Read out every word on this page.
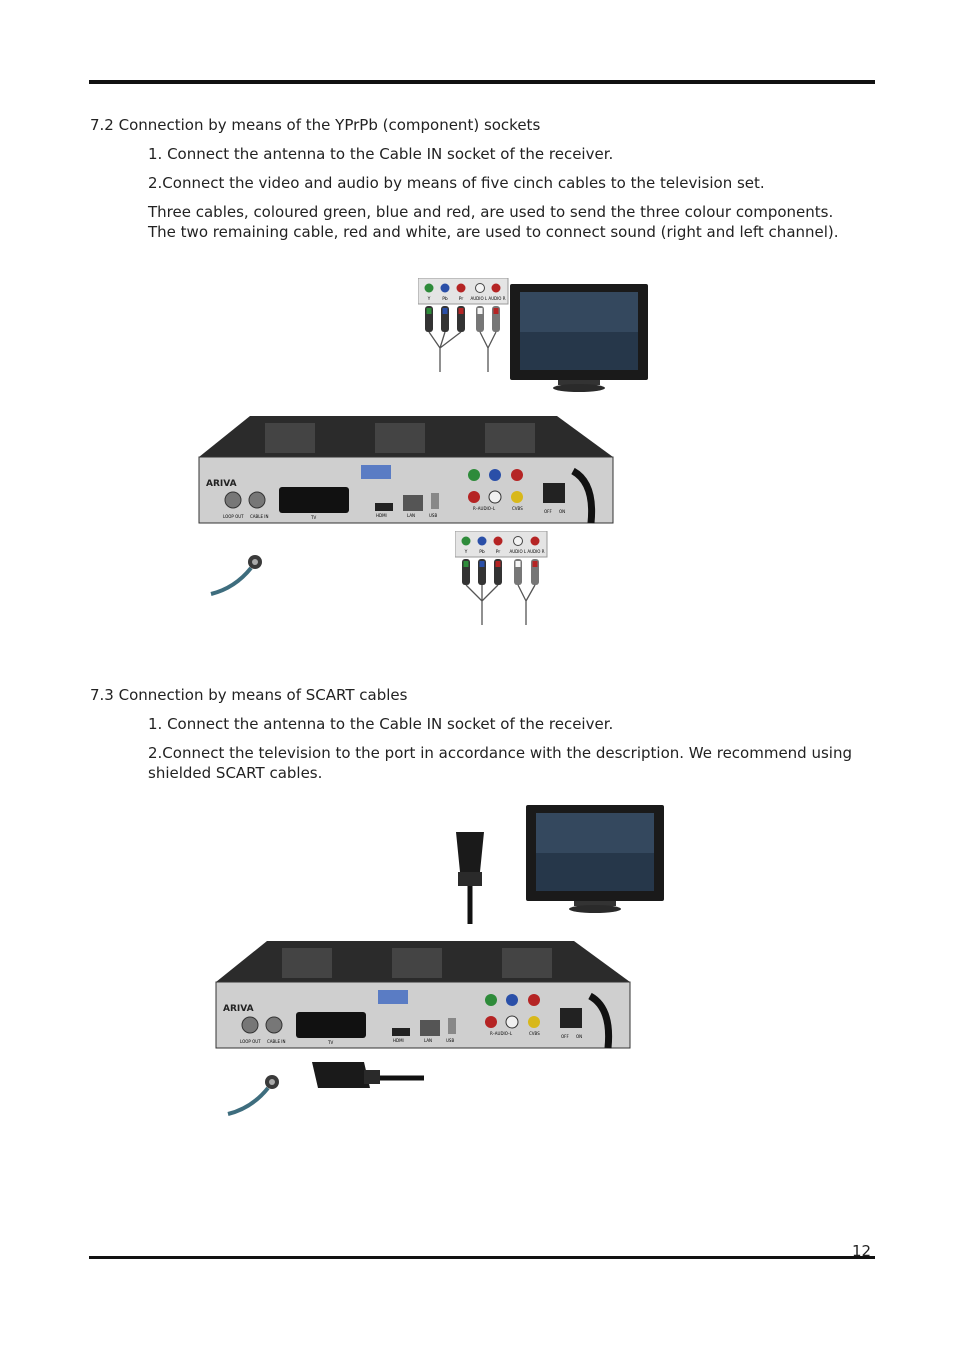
7.2 Connection by means of the YPrPb (component) sockets

1. Connect the antenna to the Cable IN socket of the receiver.

2.Connect the video and audio by means of five cinch cables to the television set.

Three cables, coloured green, blue and red, are used to send the three colour components. The two remaining cable, red and white, are used to connect sound (right and left channel).

Y	Pb Pr AUDIO L AUDIO R
ARIVA
LOOP OUT CABLE IN	TV	HDMI	LAN	USB
R–AUDIO–L	CVBS
OFF ON
Y	Pb Pr AUDIO L AUDIO R

7.3 Connection by means of SCART cables

1. Connect the antenna to the Cable IN socket of the receiver.

2.Connect the television to the port in accordance with the description. We recommend using shielded SCART cables.

ARIVA
LOOP OUT CABLE IN	TV	HDMI	LAN	USB
R–AUDIO–L	CVBS
OFF ON
12
